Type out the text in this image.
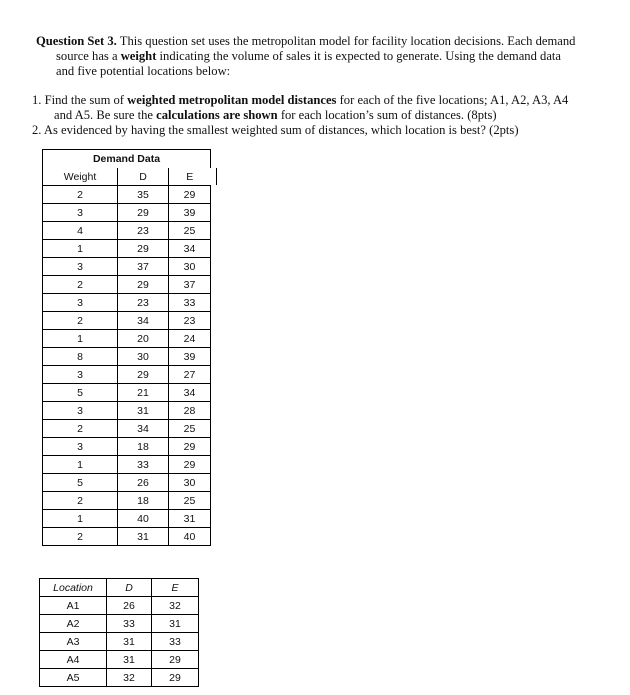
Question Set 3. This question set uses the metropolitan model for facility location decisions. Each demand
source has a weight indicating the volume of sales it is expected to generate. Using the demand data
and five potential locations below:
1. Find the sum of weighted metropolitan model distances for each of the five locations; A1, A2, A3, A4
and A5. Be sure the calculations are shown for each location’s sum of distances. (8pts)
2. As evidenced by having the smallest weighted sum of distances, which location is best? (2pts)
Demand Data		
Weight	D	E

2	35	29
3	29	39
4	23	25
1	29	34
3	37	30
2	29	37
3	23	33
2	34	23
1	20	24
8	30	39
3	29	27
5	21	34
3	31	28
2	34	25
3	18	29
1	33	29
5	26	30
2	18	25
1	40	31
2	31	40
Location	D	E
A1	26	32
A2	33	31
A3	31	33
A4	31	29
A5	32	29
